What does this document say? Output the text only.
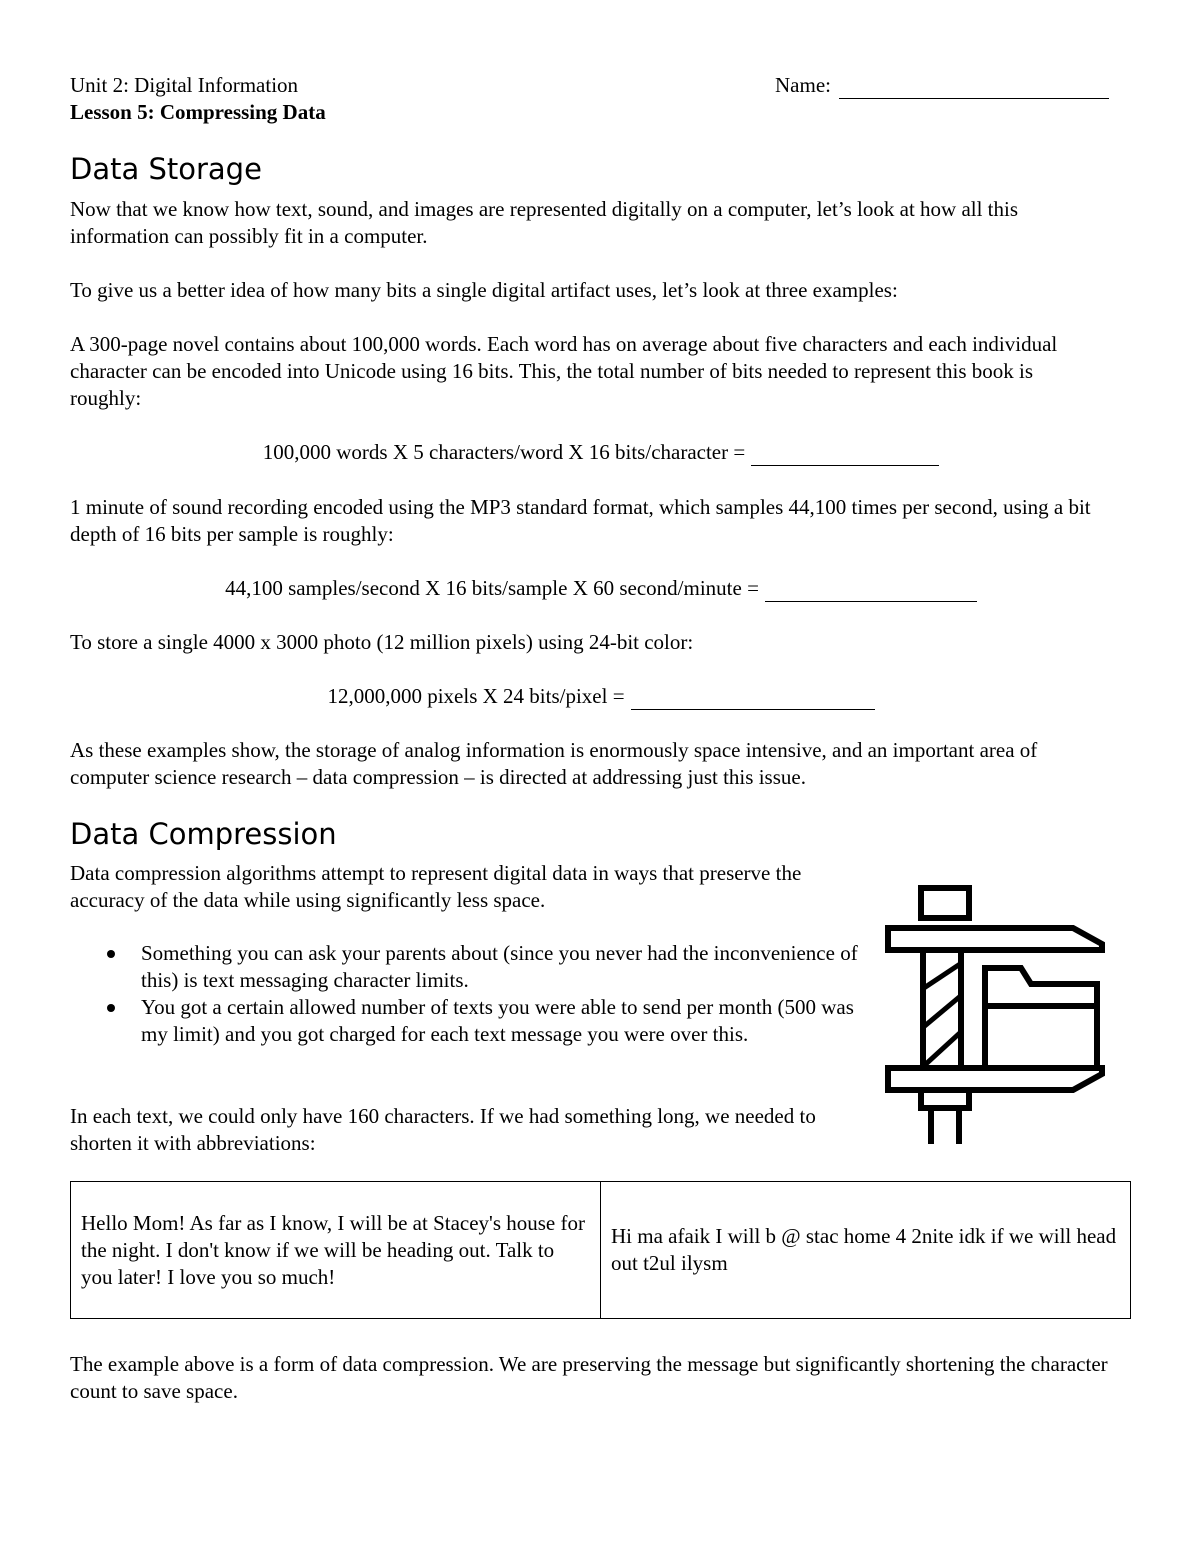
Unit 2: Digital Information
Lesson 5: Compressing Data
Name:
Data Storage

Now that we know how text, sound, and images are represented digitally on a computer, let’s look at how all this information can possibly fit in a computer.

To give us a better idea of how many bits a single digital artifact uses, let’s look at three examples:

A 300-page novel contains about 100,000 words. Each word has on average about five characters and each individual character can be encoded into Unicode using 16 bits. This, the total number of bits needed to represent this book is roughly:

100,000 words X 5 characters/word X 16 bits/character =

1 minute of sound recording encoded using the MP3 standard format, which samples 44,100 times per second, using a bit depth of 16 bits per sample is roughly:

44,100 samples/second X 16 bits/sample X 60 second/minute =

To store a single 4000 x 3000 photo (12 million pixels) using 24-bit color:

12,000,000 pixels X 24 bits/pixel =

As these examples show, the storage of analog information is enormously space intensive, and an important area of computer science research – data compression – is directed at addressing just this issue.

Data Compression

Data compression algorithms attempt to represent digital data in ways that preserve the accuracy of the data while using significantly less space.

Something you can ask your parents about (since you never had the inconvenience of this) is text messaging character limits.
You got a certain allowed number of texts you were able to send per month (500 was my limit) and you got charged for each text message you were over this.

In each text, we could only have 160 characters. If we had something long, we needed to shorten it with abbreviations:

Hello Mom! As far as I know, I will be at Stacey's house for the night. I don't know if we will be heading out. Talk to you later! I love you so much!	Hi ma afaik I will b @ stac home 4 2nite idk if we will head out t2ul ilysm

The example above is a form of data compression. We are preserving the message but significantly shortening the character count to save space.
